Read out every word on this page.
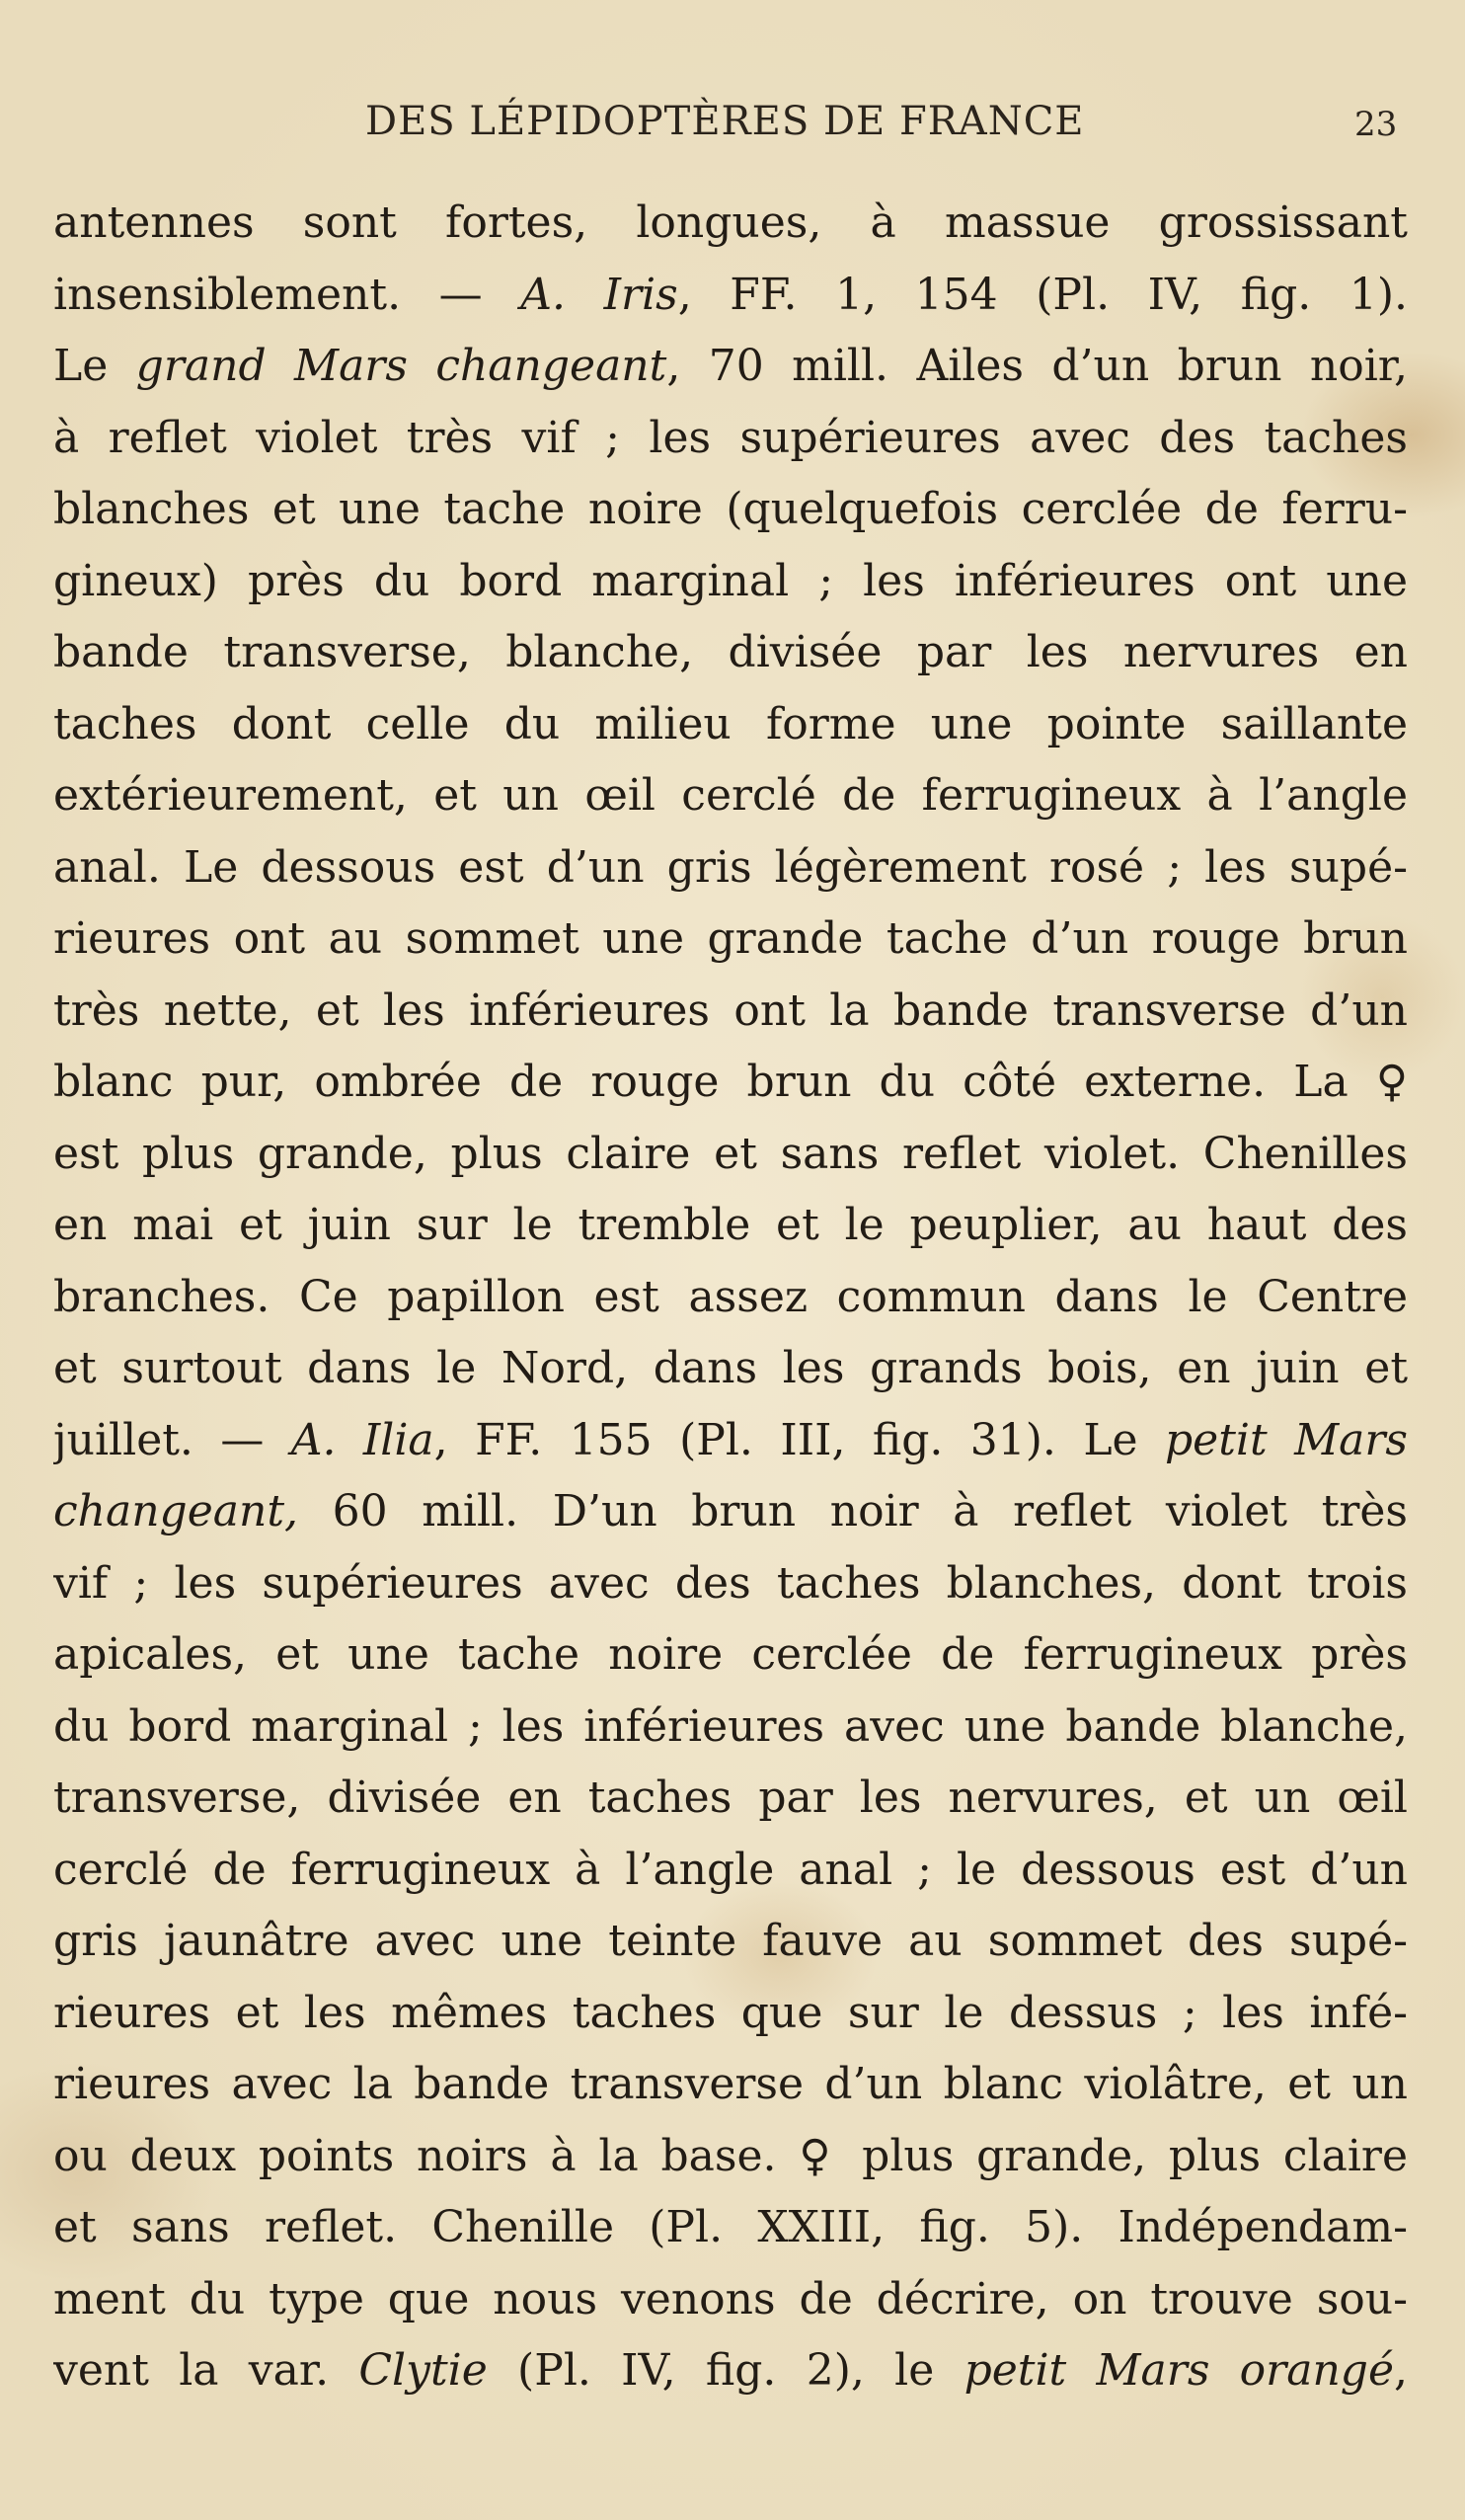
DES LÉPIDOPTÈRES DE FRANCE	23
antennes sont fortes, longues, à massue grossissant
insensiblement. — A. Iris, FF. 1, 154 (Pl. IV, fig. 1).
Le grand Mars changeant, 70 mill. Ailes d’un brun noir,
à reflet violet très vif ; les supérieures avec des taches
blanches et une tache noire (quelquefois cerclée de ferru-
gineux) près du bord marginal ; les inférieures ont une
bande transverse, blanche, divisée par les nervures en
taches dont celle du milieu forme une pointe saillante
extérieurement, et un œil cerclé de ferrugineux à l’angle
anal. Le dessous est d’un gris légèrement rosé ; les supé-
rieures ont au sommet une grande tache d’un rouge brun
très nette, et les inférieures ont la bande transverse d’un
blanc pur, ombrée de rouge brun du côté externe. La ♀
est plus grande, plus claire et sans reflet violet. Chenilles
en mai et juin sur le tremble et le peuplier, au haut des
branches. Ce papillon est assez commun dans le Centre
et surtout dans le Nord, dans les grands bois, en juin et
juillet. — A. Ilia, FF. 155 (Pl. III, fig. 31). Le petit Mars
changeant, 60 mill. D’un brun noir à reflet violet très
vif ; les supérieures avec des taches blanches, dont trois
apicales, et une tache noire cerclée de ferrugineux près
du bord marginal ; les inférieures avec une bande blanche,
transverse, divisée en taches par les nervures, et un œil
cerclé de ferrugineux à l’angle anal ; le dessous est d’un
gris jaunâtre avec une teinte fauve au sommet des supé-
rieures et les mêmes taches que sur le dessus ; les infé-
rieures avec la bande transverse d’un blanc violâtre, et un
ou deux points noirs à la base. ♀ plus grande, plus claire
et sans reflet. Chenille (Pl. XXIII, fig. 5). Indépendam-
ment du type que nous venons de décrire, on trouve sou-
vent la var. Clytie (Pl. IV, fig. 2), le petit Mars orangé,
